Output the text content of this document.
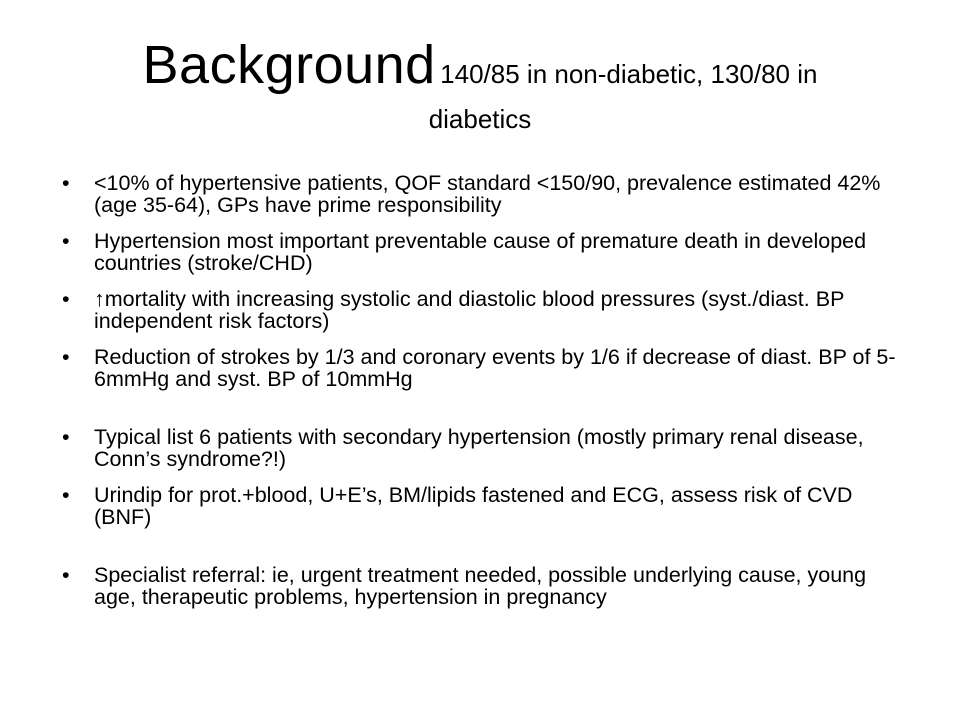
Background 140/85 in non-diabetic, 130/80 in
diabetics
•	<10% of hypertensive patients, QOF standard <150/90, prevalence estimated 42% (age 35-64), GPs have prime responsibility
•	Hypertension most important preventable cause of premature death in developed countries (stroke/CHD)
•	↑mortality with increasing systolic and diastolic blood pressures (syst./diast. BP independent risk factors)
•	Reduction of strokes by 1/3 and coronary events by 1/6 if decrease of diast. BP of 5-6mmHg and syst. BP of 10mmHg
•	Typical list 6 patients with secondary hypertension (mostly primary renal disease, Conn’s syndrome?!)
•	Urindip for prot.+blood, U+E’s, BM/lipids fastened and ECG, assess risk of CVD (BNF)
•	Specialist referral: ie, urgent treatment needed, possible underlying cause, young age, therapeutic problems, hypertension in pregnancy
